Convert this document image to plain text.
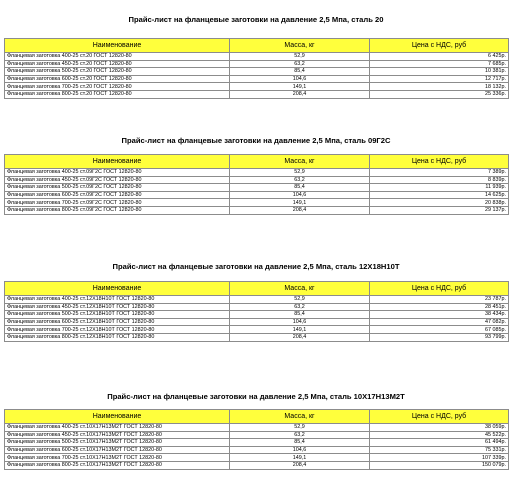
Прайс-лист на фланцевые заготовки на давление 2,5 Мпа, сталь 20
Наименование	Масса, кг	Цена с НДС, руб
Фланцевая заготовка 400-25 ст.20 ГОСТ 12820-80	52,9	6 425р.
Фланцевая заготовка 450-25 ст.20 ГОСТ 12820-80	63,2	7 685р.
Фланцевая заготовка 500-25 ст.20 ГОСТ 12820-80	85,4	10 381р.
Фланцевая заготовка 600-25 ст.20 ГОСТ 12820-80	104,6	12 717р.
Фланцевая заготовка 700-25 ст.20 ГОСТ 12820-80	149,1	18 132р.
Фланцевая заготовка 800-25 ст.20 ГОСТ 12820-80	208,4	25 336р.
Прайс-лист на фланцевые заготовки на давление 2,5 Мпа, сталь 09Г2С
Наименование	Масса, кг	Цена с НДС, руб
Фланцевая заготовка 400-25 ст.09Г2С ГОСТ 12820-80	52,9	7 389р.
Фланцевая заготовка 450-25 ст.09Г2С ГОСТ 12820-80	63,2	8 839р.
Фланцевая заготовка 500-25 ст.09Г2С ГОСТ 12820-80	85,4	11 939р.
Фланцевая заготовка 600-25 ст.09Г2С ГОСТ 12820-80	104,6	14 625р.
Фланцевая заготовка 700-25 ст.09Г2С ГОСТ 12820-80	149,1	20 838р.
Фланцевая заготовка 800-25 ст.09Г2С ГОСТ 12820-80	208,4	29 137р.
Прайс-лист на фланцевые заготовки на давление 2,5 Мпа, сталь 12Х18Н10Т
Наименование	Масса, кг	Цена с НДС, руб
Фланцевая заготовка 400-25 ст.12Х18Н10Т ГОСТ 12820-80	52,9	23 787р.
Фланцевая заготовка 450-25 ст.12Х18Н10Т ГОСТ 12820-80	63,2	28 451р.
Фланцевая заготовка 500-25 ст.12Х18Н10Т ГОСТ 12820-80	85,4	38 434р.
Фланцевая заготовка 600-25 ст.12Х18Н10Т ГОСТ 12820-80	104,6	47 082р.
Фланцевая заготовка 700-25 ст.12Х18Н10Т ГОСТ 12820-80	149,1	67 085р.
Фланцевая заготовка 800-25 ст.12Х18Н10Т ГОСТ 12820-80	208,4	93 799р.
Прайс-лист на фланцевые заготовки на давление 2,5 Мпа, сталь 10Х17Н13М2Т
Наименование	Масса, кг	Цена с НДС, руб
Фланцевая заготовка 400-25 ст.10Х17Н13М2Т ГОСТ 12820-80	52,9	38 059р.
Фланцевая заготовка 450-25 ст.10Х17Н13М2Т ГОСТ 12820-80	63,2	45 522р.
Фланцевая заготовка 500-25 ст.10Х17Н13М2Т ГОСТ 12820-80	85,4	61 494р.
Фланцевая заготовка 600-25 ст.10Х17Н13М2Т ГОСТ 12820-80	104,6	75 331р.
Фланцевая заготовка 700-25 ст.10Х17Н13М2Т ГОСТ 12820-80	149,1	107 339р.
Фланцевая заготовка 800-25 ст.10Х17Н13М2Т ГОСТ 12820-80	208,4	150 079р.
